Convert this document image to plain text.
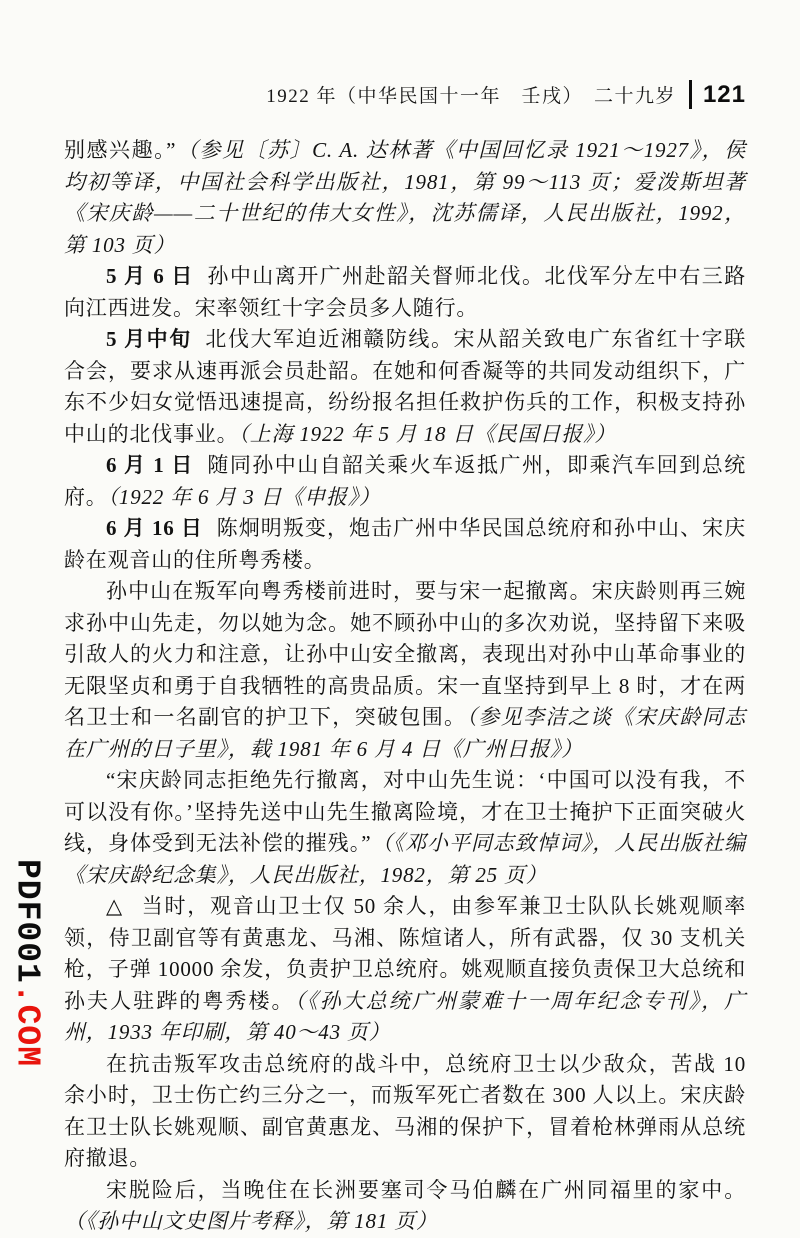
1922 年（中华民国十一年　壬戌）　二十九岁 121

别感兴趣。”（参见〔苏〕C. A. 达林著《中国回忆录 1921～1927》，侯均初等译，中国社会科学出版社，1981，第 99～113 页；爱泼斯坦著《宋庆龄——二十世纪的伟大女性》，沈苏儒译，人民出版社，1992，第 103 页）

5 月 6 日 孙中山离开广州赴韶关督师北伐。北伐军分左中右三路向江西进发。宋率领红十字会员多人随行。

5 月中旬 北伐大军迫近湘赣防线。宋从韶关致电广东省红十字联合会，要求从速再派会员赴韶。在她和何香凝等的共同发动组织下，广东不少妇女觉悟迅速提高，纷纷报名担任救护伤兵的工作，积极支持孙中山的北伐事业。（上海 1922 年 5 月 18 日《民国日报》）

6 月 1 日 随同孙中山自韶关乘火车返抵广州，即乘汽车回到总统府。（1922 年 6 月 3 日《申报》）

6 月 16 日 陈炯明叛变，炮击广州中华民国总统府和孙中山、宋庆龄在观音山的住所粤秀楼。

孙中山在叛军向粤秀楼前进时，要与宋一起撤离。宋庆龄则再三婉求孙中山先走，勿以她为念。她不顾孙中山的多次劝说，坚持留下来吸引敌人的火力和注意，让孙中山安全撤离，表现出对孙中山革命事业的无限坚贞和勇于自我牺牲的高贵品质。宋一直坚持到早上 8 时，才在两名卫士和一名副官的护卫下，突破包围。（参见李洁之谈《宋庆龄同志在广州的日子里》，载 1981 年 6 月 4 日《广州日报》）

“宋庆龄同志拒绝先行撤离，对中山先生说：‘中国可以没有我，不可以没有你。’坚持先送中山先生撤离险境，才在卫士掩护下正面突破火线，身体受到无法补偿的摧残。”（《邓小平同志致悼词》，人民出版社编《宋庆龄纪念集》，人民出版社，1982，第 25 页）

△ 当时，观音山卫士仅 50 余人，由参军兼卫士队队长姚观顺率领，侍卫副官等有黄惠龙、马湘、陈煊诸人，所有武器，仅 30 支机关枪，子弹 10000 余发，负责护卫总统府。姚观顺直接负责保卫大总统和孙夫人驻跸的粤秀楼。（《孙大总统广州蒙难十一周年纪念专刊》，广州，1933 年印刷，第 40～43 页）

在抗击叛军攻击总统府的战斗中，总统府卫士以少敌众，苦战 10 余小时，卫士伤亡约三分之一，而叛军死亡者数在 300 人以上。宋庆龄在卫士队长姚观顺、副官黄惠龙、马湘的保护下，冒着枪林弹雨从总统府撤退。

宋脱险后，当晚住在长洲要塞司令马伯麟在广州同福里的家中。（《孙中山文史图片考释》，第 181 页）

PDF001.COM
